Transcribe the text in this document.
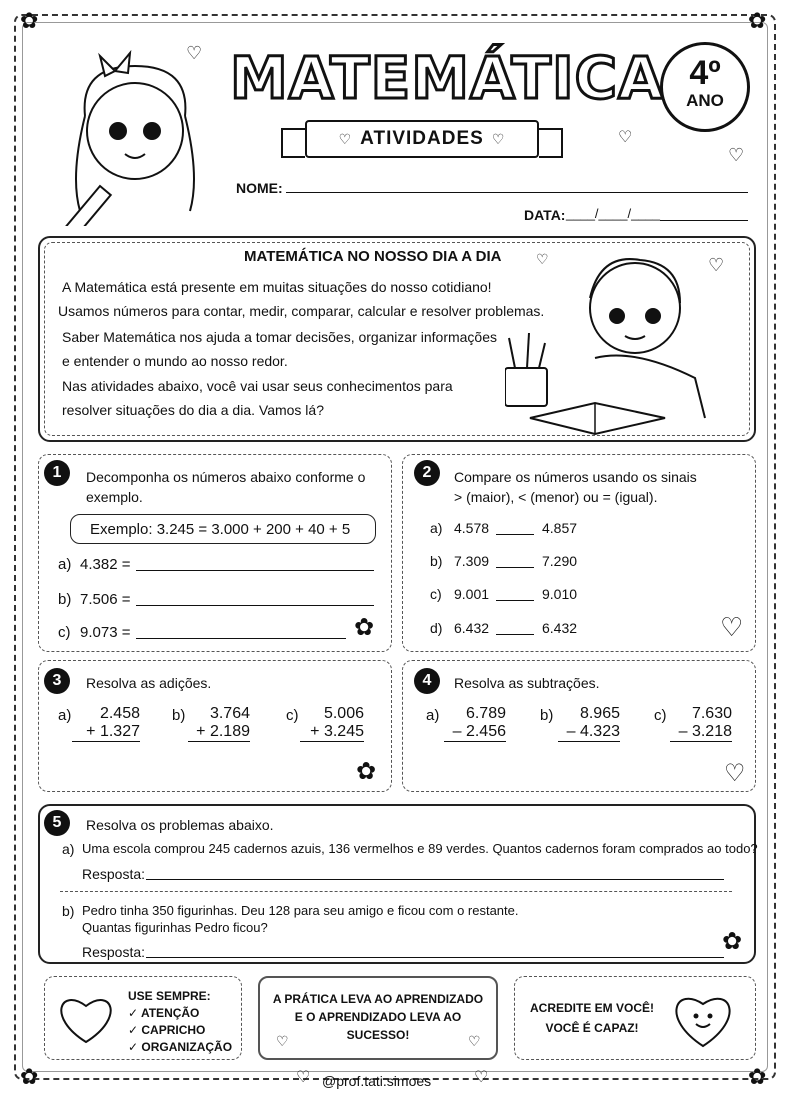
✿	✿
✿	✿
MATEMÁTICA
♡ ATIVIDADES ♡
4º
ANO
♡
♡
♡
NOME:
DATA: ____/____/____
MATEMÁTICA NO NOSSO DIA A DIA
A Matemática está presente em muitas situações do nosso cotidiano!
Usamos números para contar, medir, comparar, calcular e resolver problemas.
Saber Matemática nos ajuda a tomar decisões, organizar informações
e entender o mundo ao nosso redor.
Nas atividades abaixo, você vai usar seus conhecimentos para
resolver situações do dia a dia. Vamos lá?
♡	♡
1	Decomponha os números abaixo conforme o
exemplo.
Exemplo: 3.245 = 3.000 + 200 + 40 + 5
a) 4.382 =
b) 7.506 =
c) 9.073 =	✿
2	Compare os números usando os sinais
> (maior), < (menor) ou = (igual).
a) 4.578	4.857
b) 7.309	7.290
c) 9.001	9.010
d) 6.432	6.432	♡
3	Resolva as adições.
a)	2.458
+ 1.327
b)	3.764
+ 2.189
c)	5.006
+ 3.245
✿
4	Resolva as subtrações.
a)	6.789
– 2.456
b)	8.965
– 4.323
c)	7.630
– 3.218
♡
5	Resolva os problemas abaixo.
a) Uma escola comprou 245 cadernos azuis, 136 vermelhos e 89 verdes. Quantos cadernos foram comprados ao todo?
Resposta:
b) Pedro tinha 350 figurinhas. Deu 128 para seu amigo e ficou com o restante.
Quantas figurinhas Pedro ficou?
Resposta:	✿
USE SEMPRE:
✓ ATENÇÃO
✓ CAPRICHO
✓ ORGANIZAÇÃO
A PRÁTICA LEVA AO APRENDIZADO
E O APRENDIZADO LEVA AO
SUCESSO!
♡	♡
ACREDITE EM VOCÊ!
VOCÊ É CAPAZ!
♡ @prof.tati.simoes	♡
